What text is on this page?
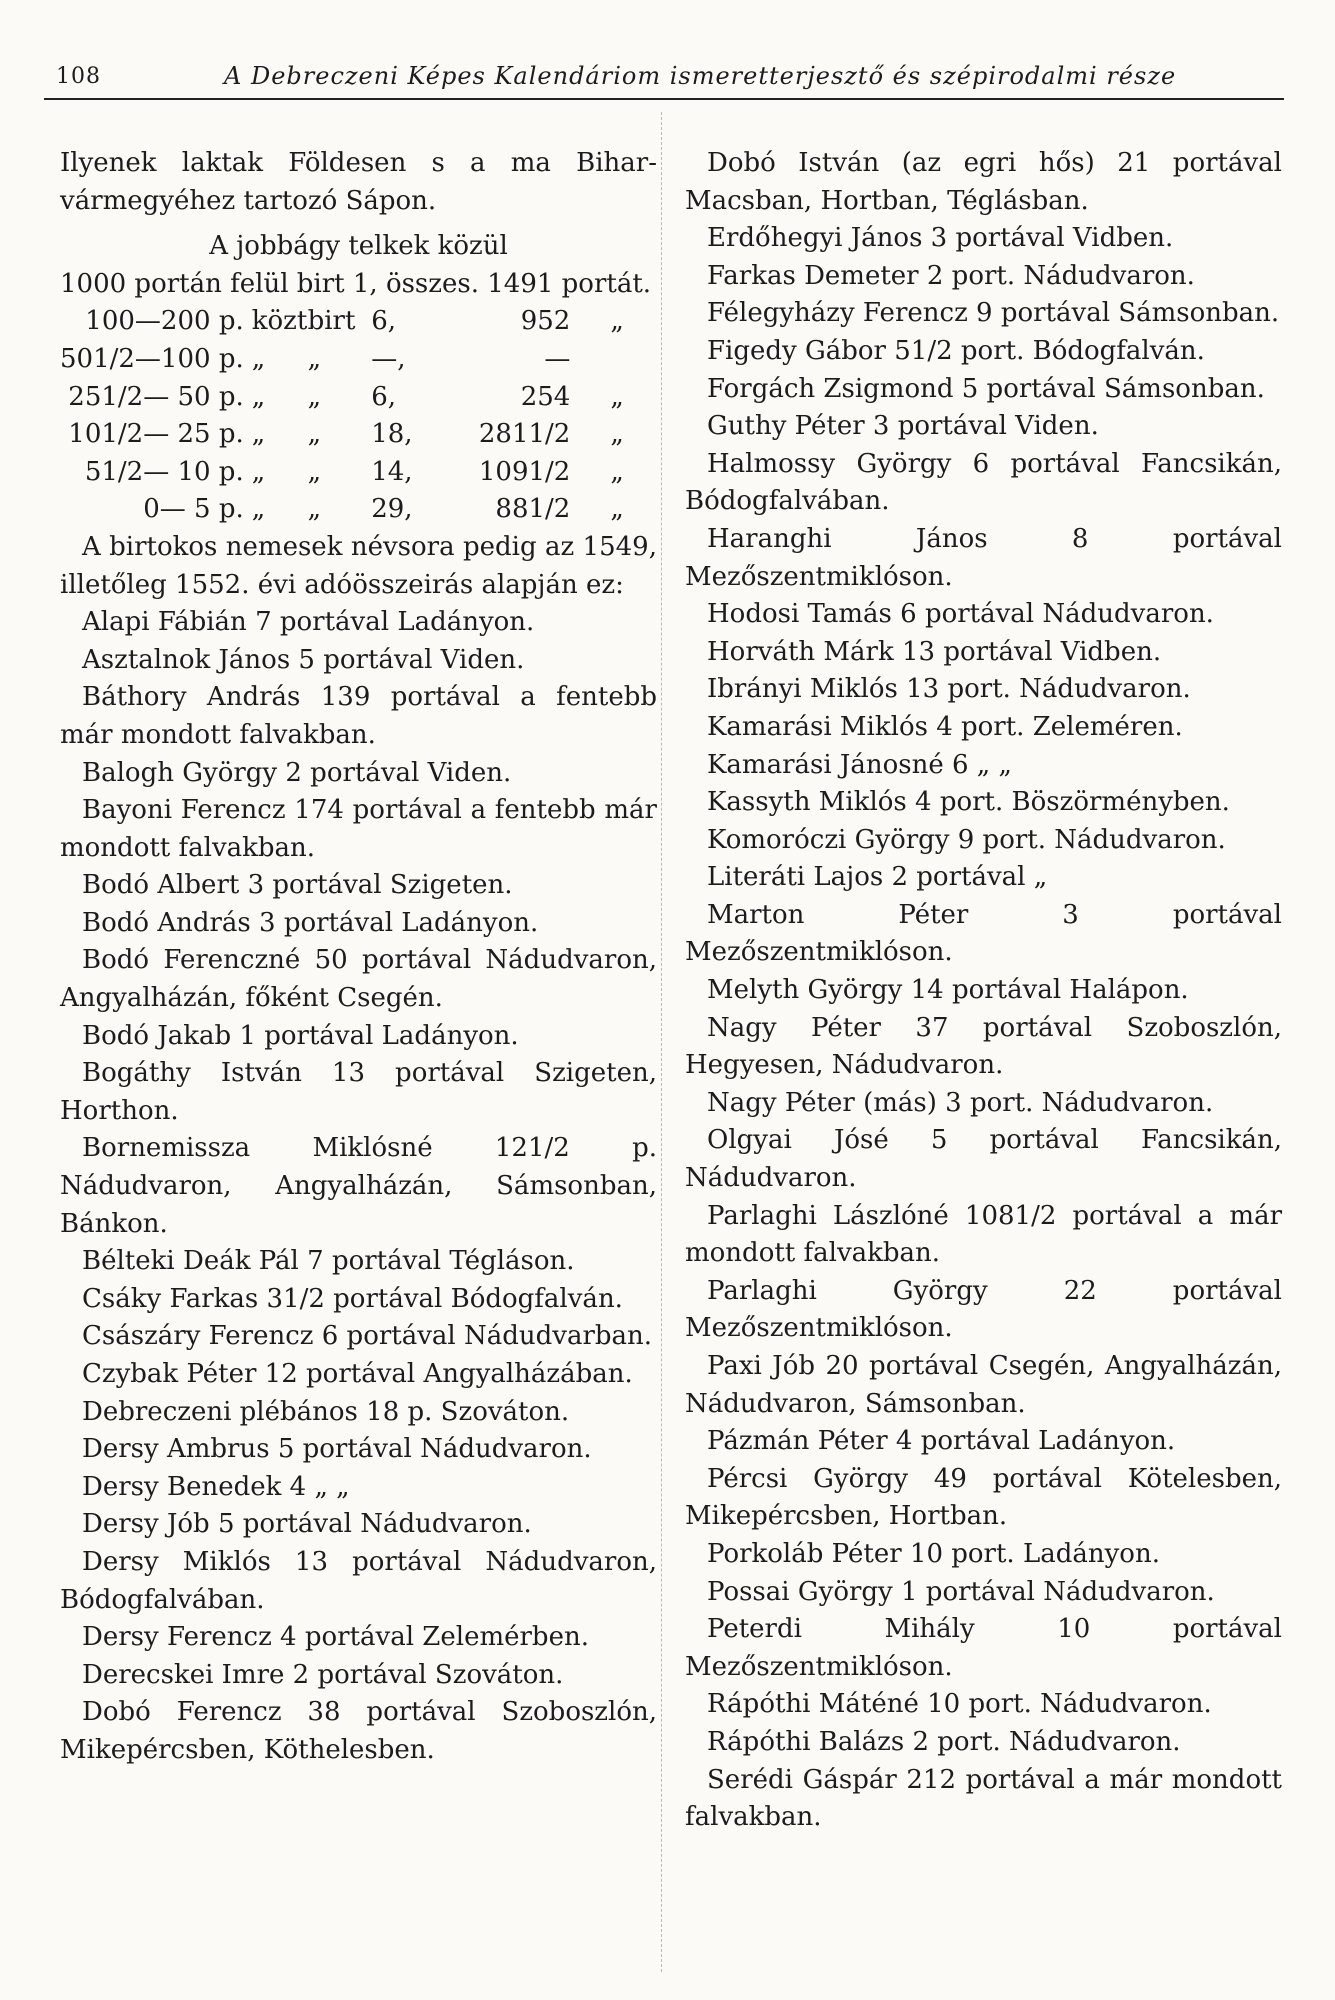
108	A Debreczeni Képes Kalendáriom ismeretterjesztő és szépirodalmi része

Ilyenek laktak Földesen s a ma Bihar-vármegyéhez tartozó Sápon.

A jobbágy telkek közül

1000 portán felül birt 1, összes. 1491 portát.

100—200 p.	közt	birt	6,	952	„
501/2—100 p.	„	„	—,	—	
251/2— 50 p.	„	„	6,	254	„
101/2— 25 p.	„	„	18,	2811/2	„
51/2— 10 p.	„	„	14,	1091/2	„
0— 5 p.	„	„	29,	881/2	„

A birtokos nemesek névsora pedig az 1549, illetőleg 1552. évi adóösszeirás alapján ez:

Alapi Fábián 7 portával Ladányon.

Asztalnok János 5 portával Viden.

Báthory András 139 portával a fentebb már mondott falvakban.

Balogh György 2 portával Viden.

Bayoni Ferencz 174 portával a fentebb már mondott falvakban.

Bodó Albert 3 portával Szigeten.

Bodó András 3 portával Ladányon.

Bodó Ferenczné 50 portával Nádudvaron, Angyalházán, főként Csegén.

Bodó Jakab 1 portával Ladányon.

Bogáthy István 13 portával Szigeten, Horthon.

Bornemissza Miklósné 121/2 p. Nádudvaron, Angyalházán, Sámsonban, Bánkon.

Bélteki Deák Pál 7 portával Tégláson.

Csáky Farkas 31/2 portával Bódogfalván.

Császáry Ferencz 6 portával Nádudvarban.

Czybak Péter 12 portával Angyalházában.

Debreczeni plébános 18 p. Szováton.

Dersy Ambrus 5 portával Nádudvaron.

Dersy Benedek 4 „ „

Dersy Jób 5 portával Nádudvaron.

Dersy Miklós 13 portával Nádudvaron, Bódogfalvában.

Dersy Ferencz 4 portával Zelemérben.

Derecskei Imre 2 portával Szováton.

Dobó Ferencz 38 portával Szoboszlón, Mikepércsben, Köthelesben.

Dobó István (az egri hős) 21 portával Macsban, Hortban, Téglásban.

Erdőhegyi János 3 portával Vidben.

Farkas Demeter 2 port. Nádudvaron.

Félegyházy Ferencz 9 portával Sámsonban.

Figedy Gábor 51/2 port. Bódogfalván.

Forgách Zsigmond 5 portával Sámsonban.

Guthy Péter 3 portával Viden.

Halmossy György 6 portával Fancsikán, Bódogfalvában.

Haranghi János 8 portával Mezőszentmiklóson.

Hodosi Tamás 6 portával Nádudvaron.

Horváth Márk 13 portával Vidben.

Ibrányi Miklós 13 port. Nádudvaron.

Kamarási Miklós 4 port. Zeleméren.

Kamarási Jánosné 6 „ „

Kassyth Miklós 4 port. Böszörményben.

Komoróczi György 9 port. Nádudvaron.

Literáti Lajos 2 portával „

Marton Péter 3 portával Mezőszentmiklóson.

Melyth György 14 portával Halápon.

Nagy Péter 37 portával Szoboszlón, Hegyesen, Nádudvaron.

Nagy Péter (más) 3 port. Nádudvaron.

Olgyai Jósé 5 portával Fancsikán, Nádudvaron.

Parlaghi Lászlóné 1081/2 portával a már mondott falvakban.

Parlaghi György 22 portával Mezőszentmiklóson.

Paxi Jób 20 portával Csegén, Angyalházán, Nádudvaron, Sámsonban.

Pázmán Péter 4 portával Ladányon.

Pércsi György 49 portával Kötelesben, Mikepércsben, Hortban.

Porkoláb Péter 10 port. Ladányon.

Possai György 1 portával Nádudvaron.

Peterdi Mihály 10 portával Mezőszentmiklóson.

Rápóthi Máténé 10 port. Nádudvaron.

Rápóthi Balázs 2 port. Nádudvaron.

Serédi Gáspár 212 portával a már mondott falvakban.
